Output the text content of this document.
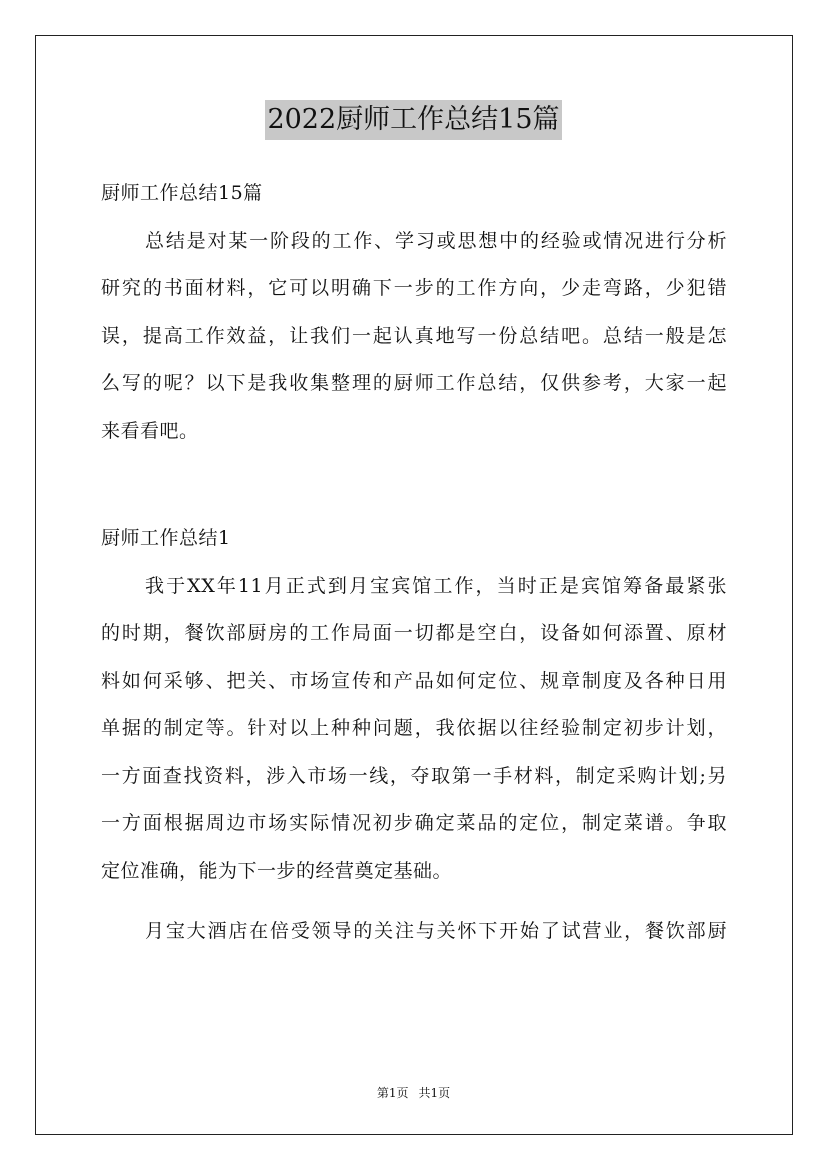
2022厨师工作总结15篇
厨师工作总结15篇
总结是对某一阶段的工作、学习或思想中的经验或情况进行分析
研究的书面材料，它可以明确下一步的工作方向，少走弯路，少犯错
误，提高工作效益，让我们一起认真地写一份总结吧。总结一般是怎
么写的呢？以下是我收集整理的厨师工作总结，仅供参考，大家一起
来看看吧。
厨师工作总结1
我于XX年11月正式到月宝宾馆工作，当时正是宾馆筹备最紧张
的时期，餐饮部厨房的工作局面一切都是空白，设备如何添置、原材
料如何采够、把关、市场宣传和产品如何定位、规章制度及各种日用
单据的制定等。针对以上种种问题，我依据以往经验制定初步计划，
一方面查找资料，涉入市场一线，夺取第一手材料，制定采购计划;另
一方面根据周边市场实际情况初步确定菜品的定位，制定菜谱。争取
定位准确，能为下一步的经营奠定基础。
月宝大酒店在倍受领导的关注与关怀下开始了试营业，餐饮部厨
第1页 共1页
